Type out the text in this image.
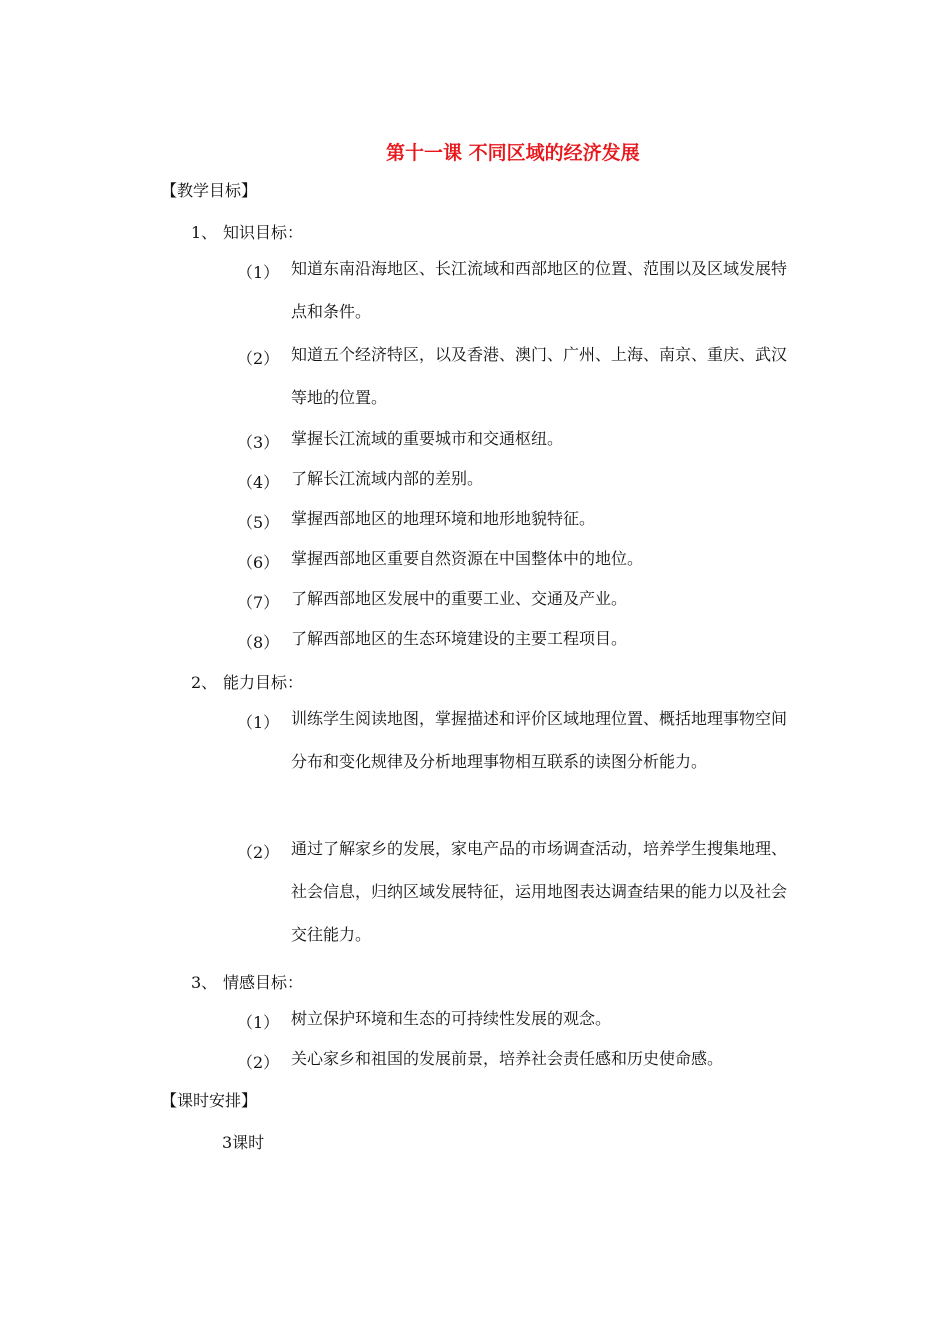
第十一课 不同区域的经济发展
【教学目标】
1、 知识目标：
（1） 知道东南沿海地区、长江流域和西部地区的位置、范围以及区域发展特点和条件。
（2） 知道五个经济特区，以及香港、澳门、广州、上海、南京、重庆、武汉等地的位置。
（3） 掌握长江流域的重要城市和交通枢纽。
（4） 了解长江流域内部的差别。
（5） 掌握西部地区的地理环境和地形地貌特征。
（6） 掌握西部地区重要自然资源在中国整体中的地位。
（7） 了解西部地区发展中的重要工业、交通及产业。
（8） 了解西部地区的生态环境建设的主要工程项目。
2、 能力目标：
（1） 训练学生阅读地图，掌握描述和评价区域地理位置、概括地理事物空间分布和变化规律及分析地理事物相互联系的读图分析能力。
（2） 通过了解家乡的发展，家电产品的市场调查活动，培养学生搜集地理、社会信息，归纳区域发展特征，运用地图表达调查结果的能力以及社会交往能力。
3、 情感目标：
（1） 树立保护环境和生态的可持续性发展的观念。
（2） 关心家乡和祖国的发展前景，培养社会责任感和历史使命感。
【课时安排】
3课时
